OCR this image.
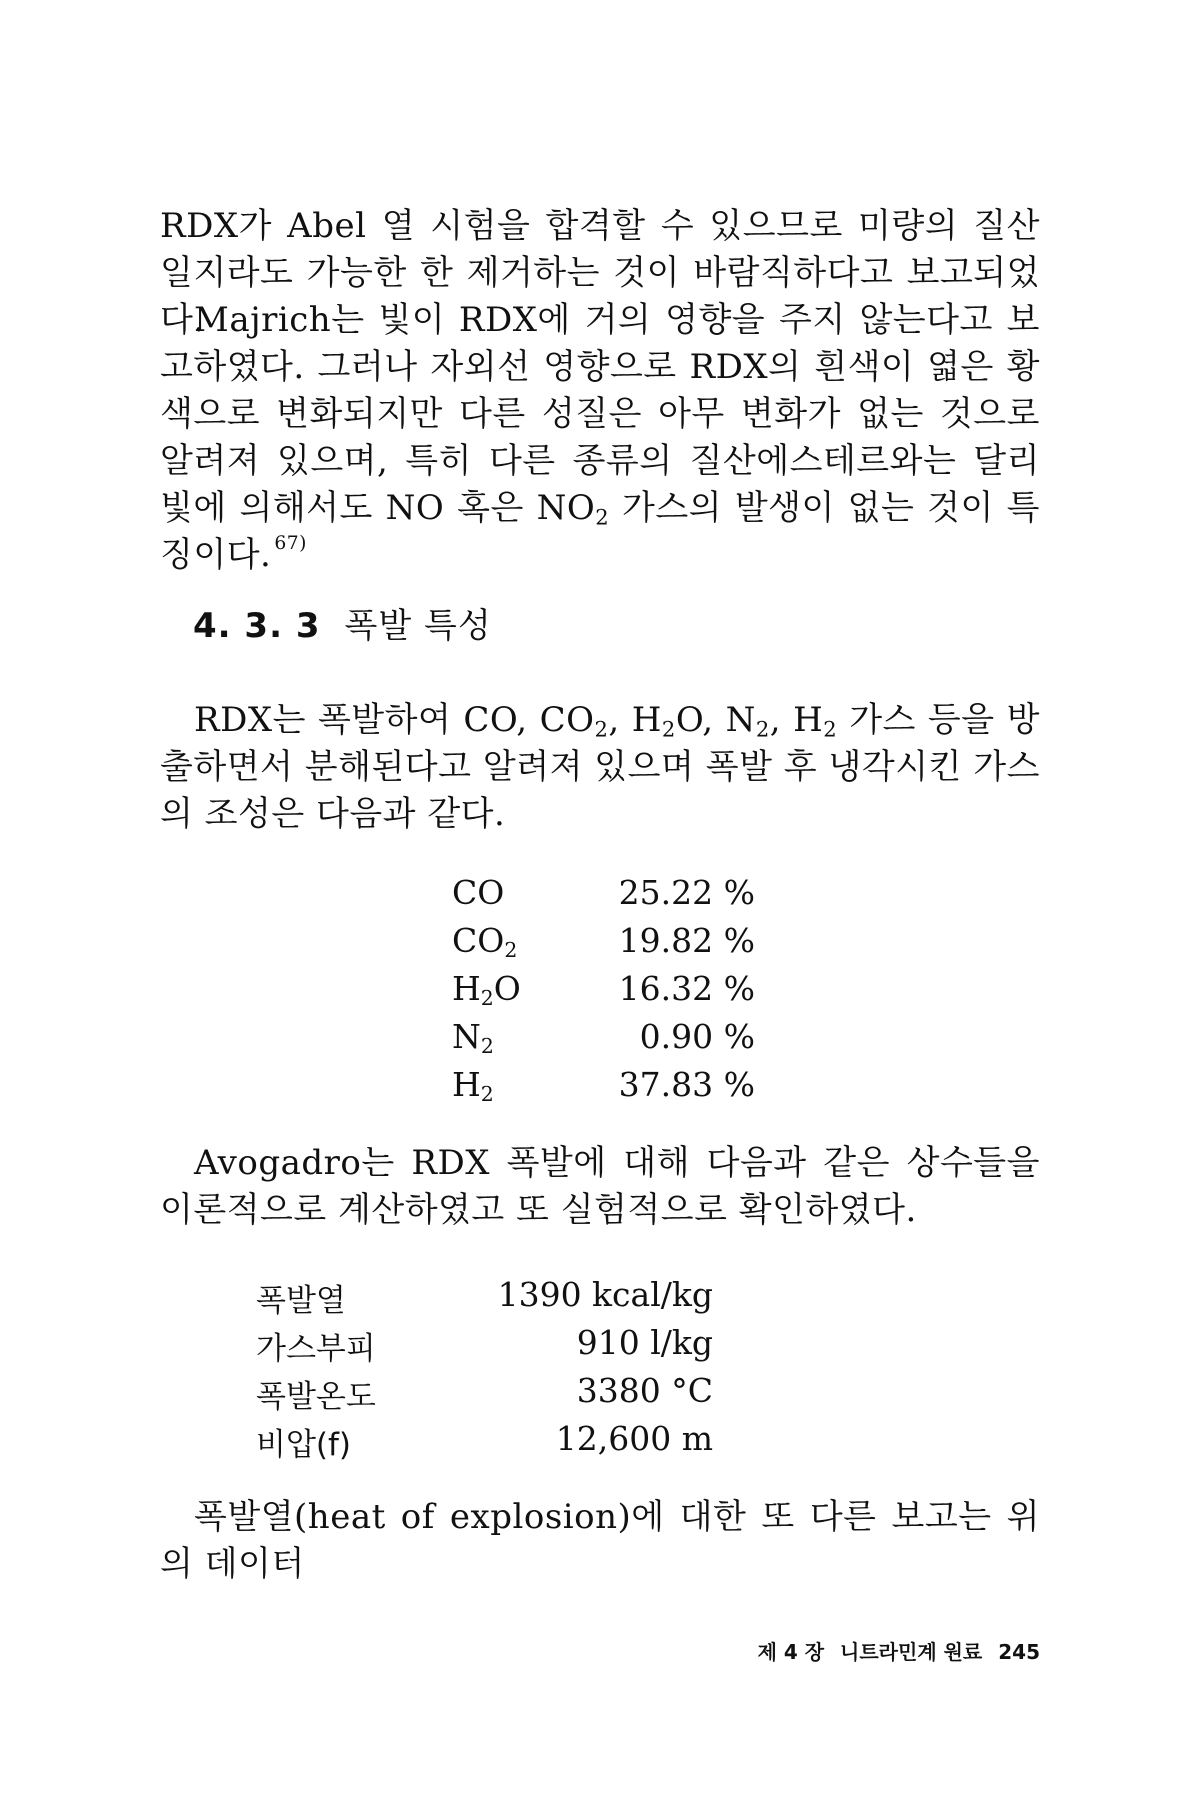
RDX가 Abel 열 시험을 합격할 수 있으므로 미량의 질산일지라도 가능한 한 제거하는 것이 바람직하다고 보고되었다.

Majrich는 빛이 RDX에 거의 영향을 주지 않는다고 보고하였다. 그러나 자외선 영향으로 RDX의 흰색이 엷은 황색으로 변화되지만 다른 성질은 아무 변화가 없는 것으로 알려져 있으며, 특히 다른 종류의 질산에스테르와는 달리 빛에 의해서도 NO 혹은 $NO_2$ 가스의 발생이 없는 것이 특징이다. $^{67)}$

4. 3. 3 폭발 특성

RDX는 폭발하여 CO, $CO_2$, $H_2O$, $N_2$, $H_2$ 가스 등을 방출하면서 분해된다고 알려져 있으며 폭발 후 냉각시킨 가스의 조성은 다음과 같다.

CO	25.22 %
$CO_2$	19.82 %
$H_2O$	16.32 %
$N_2$	0.90 %
$H_2$	37.83 %

Avogadro는 RDX 폭발에 대해 다음과 같은 상수들을 이론적으로 계산하였고 또 실험적으로 확인하였다.

폭발열	1390 kcal/kg
가스부피	910 l/kg
폭발온도	3380 °C
비압(f)	12,600 m

폭발열(heat of explosion)에 대한 또 다른 보고는 위의 데이터

제 4 장 니트라민계 원료 245
